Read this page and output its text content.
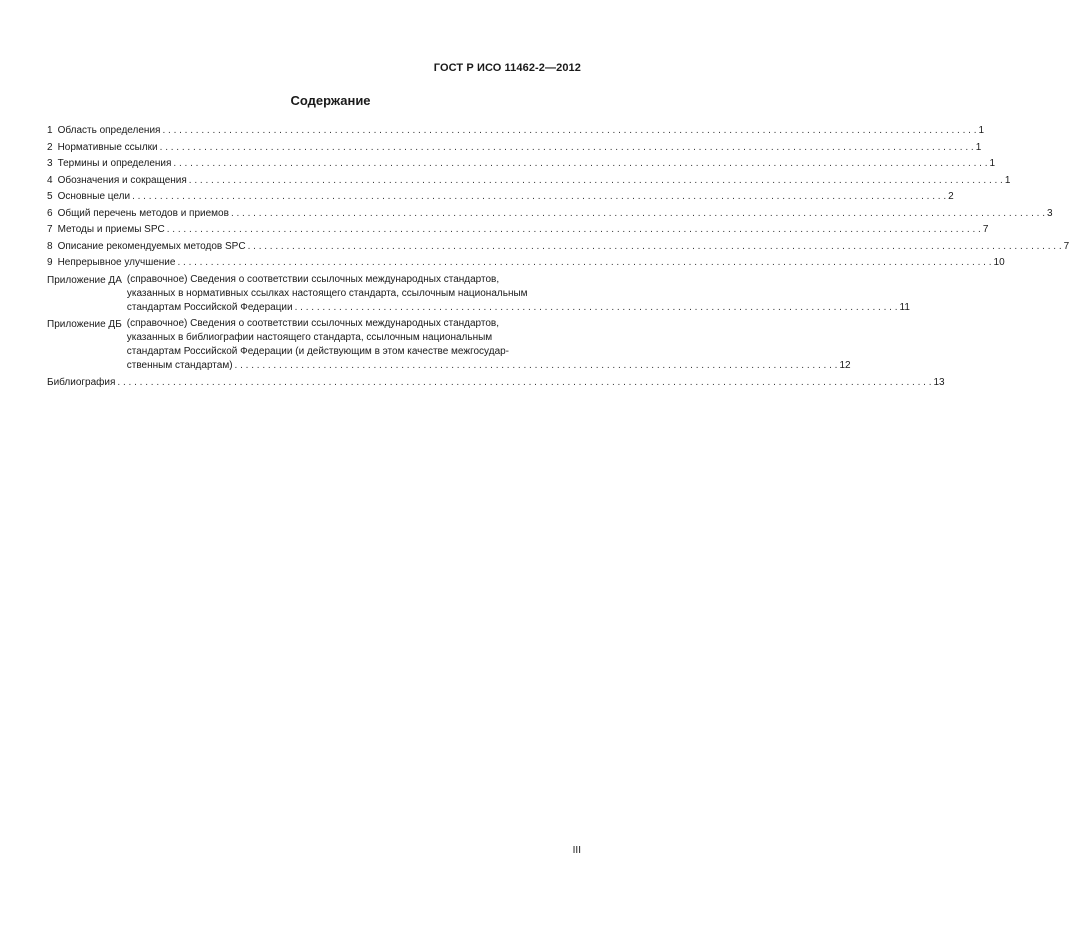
ГОСТ Р ИСО 11462-2—2012
Содержание
1 Область определения . . .	1
2 Нормативные ссылки . . .	1
3 Термины и определения . . .	1
4 Обозначения и сокращения . . .	1
5 Основные цели . . .	2
6 Общий перечень методов и приемов . . .	3
7 Методы и приемы SPC . . .	7
8 Описание рекомендуемых методов SPC . . .	7
9 Непрерывное улучшение . . .	10
Приложение ДА (справочное) Сведения о соответствии ссылочных международных стандартов,
указанных в нормативных ссылках настоящего стандарта, ссылочным национальным
стандартам Российской Федерации . . .	11
Приложение ДБ (справочное) Сведения о соответствии ссылочных международных стандартов,
указанных в библиографии настоящего стандарта, ссылочным национальным
стандартам Российской Федерации (и действующим в этом качестве межгосудар-
ственным стандартам) . . .	12
Библиография . . .	13
III
